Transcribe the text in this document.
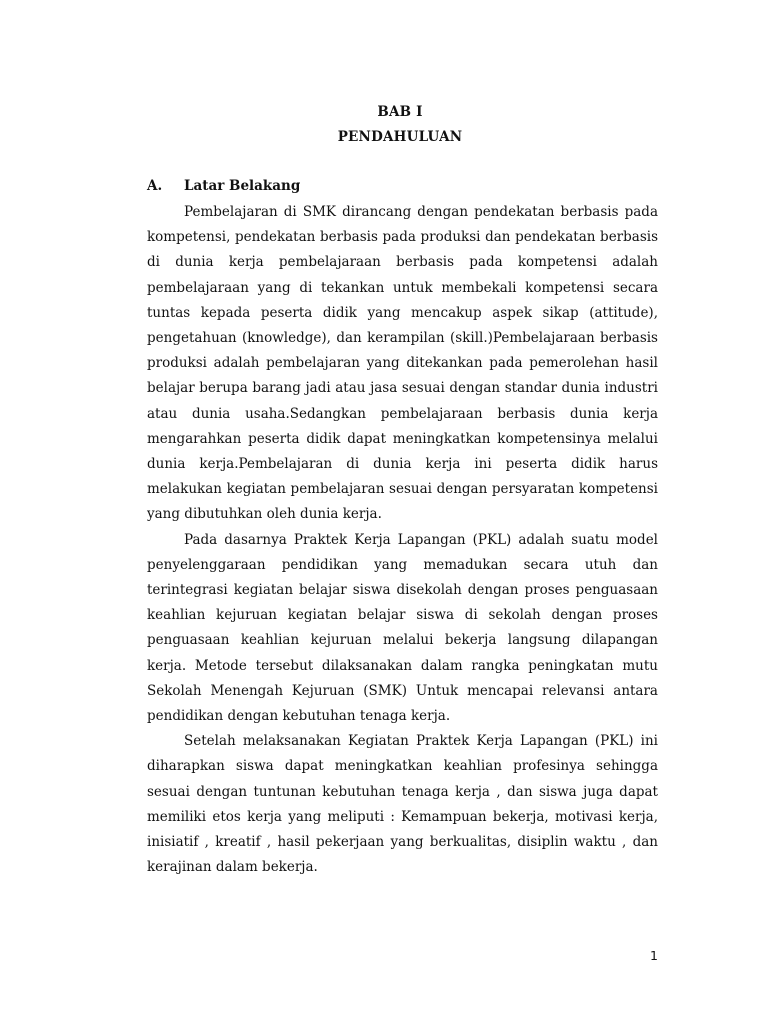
BAB I
PENDAHULUAN
A. Latar Belakang

Pembelajaran di SMK dirancang dengan pendekatan berbasis pada kompetensi, pendekatan berbasis pada produksi dan pendekatan berbasis di dunia kerja pembelajaraan berbasis pada kompetensi adalah pembelajaraan yang di tekankan untuk membekali kompetensi secara tuntas kepada peserta didik yang mencakup aspek sikap (attitude), pengetahuan (knowledge), dan kerampilan (skill.)Pembelajaraan berbasis produksi adalah pembelajaran yang ditekankan pada pemerolehan hasil belajar berupa barang jadi atau jasa sesuai dengan standar dunia industri atau dunia usaha.Sedangkan pembelajaraan berbasis dunia kerja mengarahkan peserta didik dapat meningkatkan kompetensinya melalui dunia kerja.Pembelajaran di dunia kerja ini peserta didik harus melakukan kegiatan pembelajaran sesuai dengan persyaratan kompetensi yang dibutuhkan oleh dunia kerja.

Pada dasarnya Praktek Kerja Lapangan (PKL) adalah suatu model penyelenggaraan pendidikan yang memadukan secara utuh dan terintegrasi kegiatan belajar siswa disekolah dengan proses penguasaan keahlian kejuruan kegiatan belajar siswa di sekolah dengan proses penguasaan keahlian kejuruan melalui bekerja langsung dilapangan kerja. Metode tersebut dilaksanakan dalam rangka peningkatan mutu Sekolah Menengah Kejuruan (SMK) Untuk mencapai relevansi antara pendidikan dengan kebutuhan tenaga kerja.

Setelah melaksanakan Kegiatan Praktek Kerja Lapangan (PKL) ini diharapkan siswa dapat meningkatkan keahlian profesinya sehingga sesuai dengan tuntunan kebutuhan tenaga kerja , dan siswa juga dapat memiliki etos kerja yang meliputi : Kemampuan bekerja, motivasi kerja, inisiatif , kreatif , hasil pekerjaan yang berkualitas, disiplin waktu , dan kerajinan dalam bekerja.

1
